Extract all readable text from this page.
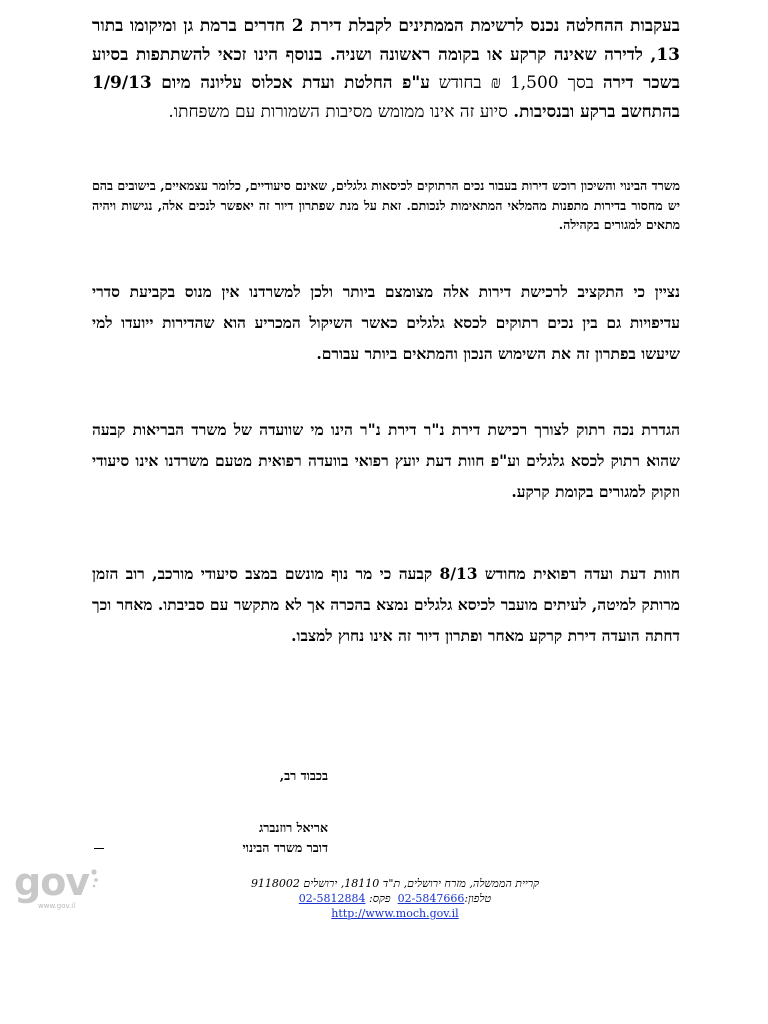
בעקבות ההחלטה נכנס לרשימת הממתינים לקבלת דירת 2 חדרים ברמת גן ומיקומו בתור 13, לדירה שאינה קרקע או בקומה ראשונה ושניה. בנוסף הינו זכאי להשתתפות בסיוע בשכר דירה בסך 1,500 ₪ בחודש ע"פ החלטת ועדת אכלוס עליונה מיום 1/9/13 בהתחשב ברקע ובנסיבות. סיוע זה אינו ממומש מסיבות השמורות עם משפחתו.

משרד הבינוי והשיכון רוכש דירות בעבור נכים הרתוקים לכיסאות גלגלים, שאינם סיעודיים, כלומר עצמאיים, בישובים בהם יש מחסור בדירות מתפנות מהמלאי המתאימות לנכותם. זאת על מנת שפתרון דיור זה יאפשר לנכים אלה, נגישות ויהיה מתאים למגורים בקהילה.

נציין כי התקציב לרכישת דירות אלה מצומצם ביותר ולכן למשרדנו אין מנוס בקביעת סדרי עדיפויות גם בין נכים רתוקים לכסא גלגלים כאשר השיקול המכריע הוא שהדירות ייועדו למי שיעשו בפתרון זה את השימוש הנכון והמתאים ביותר עבורם.

הגדרת נכה רתוק לצורך רכישת דירת נ"ר דירת נ"ר הינו מי שוועדה של משרד הבריאות קבעה שהוא רתוק לכסא גלגלים וע"פ חוות דעת יועץ רפואי בוועדה רפואית מטעם משרדנו אינו סיעודי וזקוק למגורים בקומת קרקע.

חוות דעת ועדה רפואית מחודש 8/13 קבעה כי מר נוף מונשם במצב סיעודי מורכב, רוב הזמן מרותק למיטה, לעיתים מועבר לכיסא גלגלים נמצא בהכרה אך לא מתקשר עם סביבתו. מאחר וכך דחתה הועדה דירת קרקע מאחר ופתרון דיור זה אינו נחוץ למצבו.

בכבוד רב,
אריאל רוזנברג
דובר משרד הבינוי
gov
www.gov.il
קריית הממשלה, מזרח ירושלים, ת"ד 18110, ירושלים 9118002
טלפון:02-5847666  פקס: 02-5812884
http://www.moch.gov.il
